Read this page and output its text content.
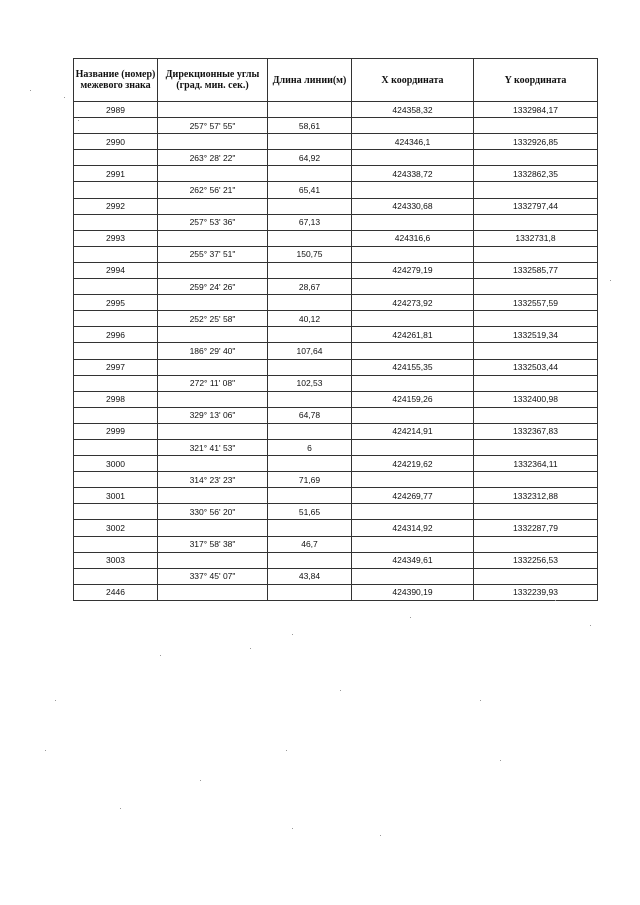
Название (номер) межевого знака	Дирекционные углы (град. мин. сек.)	Длина линии(м)	X координата	Y координата
2989			424358,32	1332984,17
	257° 57' 55"	58,61		
2990			424346,1	1332926,85
	263° 28' 22"	64,92		
2991			424338,72	1332862,35
	262° 56' 21"	65,41		
2992			424330,68	1332797,44
	257° 53' 36"	67,13		
2993			424316,6	1332731,8
	255° 37' 51"	150,75		
2994			424279,19	1332585,77
	259° 24' 26"	28,67		
2995			424273,92	1332557,59
	252° 25' 58"	40,12		
2996			424261,81	1332519,34
	186° 29' 40"	107,64		
2997			424155,35	1332503,44
	272° 11' 08"	102,53		
2998			424159,26	1332400,98
	329° 13' 06"	64,78		
2999			424214,91	1332367,83
	321° 41' 53"	6		
3000			424219,62	1332364,11
	314° 23' 23"	71,69		
3001			424269,77	1332312,88
	330° 56' 20"	51,65		
3002			424314,92	1332287,79
	317° 58' 38"	46,7		
3003			424349,61	1332256,53
	337° 45' 07"	43,84		
2446			424390,19	1332239,93
